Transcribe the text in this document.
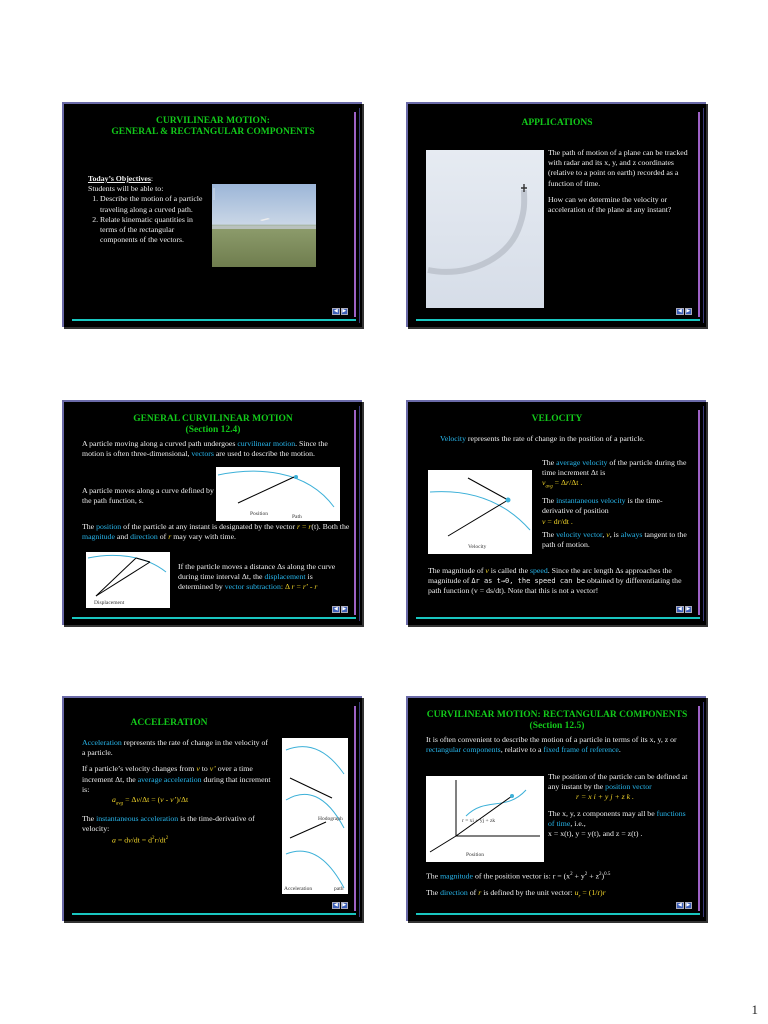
CURVILINEAR MOTION:
GENERAL & RECTANGULAR COMPONENTS
Today’s Objectives:
Students will be able to:
1. Describe the motion of a particle traveling along a curved path.
2. Relate kinematic quantities in terms of the rectangular components of the vectors.
◀ ▶
APPLICATIONS

The path of motion of a plane can be tracked with radar and its x, y, and z coordinates (relative to a point on earth) recorded as a function of time.

How can we determine the velocity or acceleration of the plane at any instant?

◀ ▶
GENERAL CURVILINEAR MOTION
(Section 12.4)
A particle moving along a curved path undergoes curvilinear motion. Since the motion is often three-dimensional, vectors are used to describe the motion.
A particle moves along a curve defined by the path function, s.
Position	Path
The position of the particle at any instant is designated by the vector r = r(t). Both the magnitude and direction of r may vary with time.
Displacement
If the particle moves a distance Δs along the curve during time interval Δt, the displacement is determined by vector subtraction: Δ r = r’ - r
◀ ▶
VELOCITY
Velocity represents the rate of change in the position of a particle.
Velocity
The average velocity of the particle during the time increment Δt is
$v_{avg} = \Delta r/\Delta t$ .
The instantaneous velocity is the time-derivative of position
v = dr/dt .
The velocity vector, v, is always tangent to the path of motion.
The magnitude of v is called the speed. Since the arc length Δs approaches the magnitude of Δr as t→0, the speed can be obtained by differentiating the path function (v = ds/dt). Note that this is not a vector!
◀ ▶
ACCELERATION

Acceleration represents the rate of change in the velocity of a particle.

If a particle’s velocity changes from v to v’ over a time increment Δt, the average acceleration during that increment is:
$a_{avg} = \Delta v/\Delta t = (v$ - v’)/Δt
The instantaneous acceleration is the time-derivative of velocity:
$a = dv/dt = d^2r/dt^2$
Hodograph
Acceleration	path
◀ ▶
CURVILINEAR MOTION: RECTANGULAR COMPONENTS
(Section 12.5)
It is often convenient to describe the motion of a particle in terms of its x, y, z or rectangular components, relative to a fixed frame of reference.
r = xi + yj + zk
Position
The position of the particle can be defined at any instant by the position vector
r = x i + y j + z k .
The x, y, z components may all be functions of time, i.e.,
x = x(t), y = y(t), and z = z(t) .
The magnitude of the position vector is: $r = (x^2 + y^2 + z^2)^{0.5}$
The direction of r is defined by the unit vector: $u_r = (1/r)r$
◀ ▶
1
